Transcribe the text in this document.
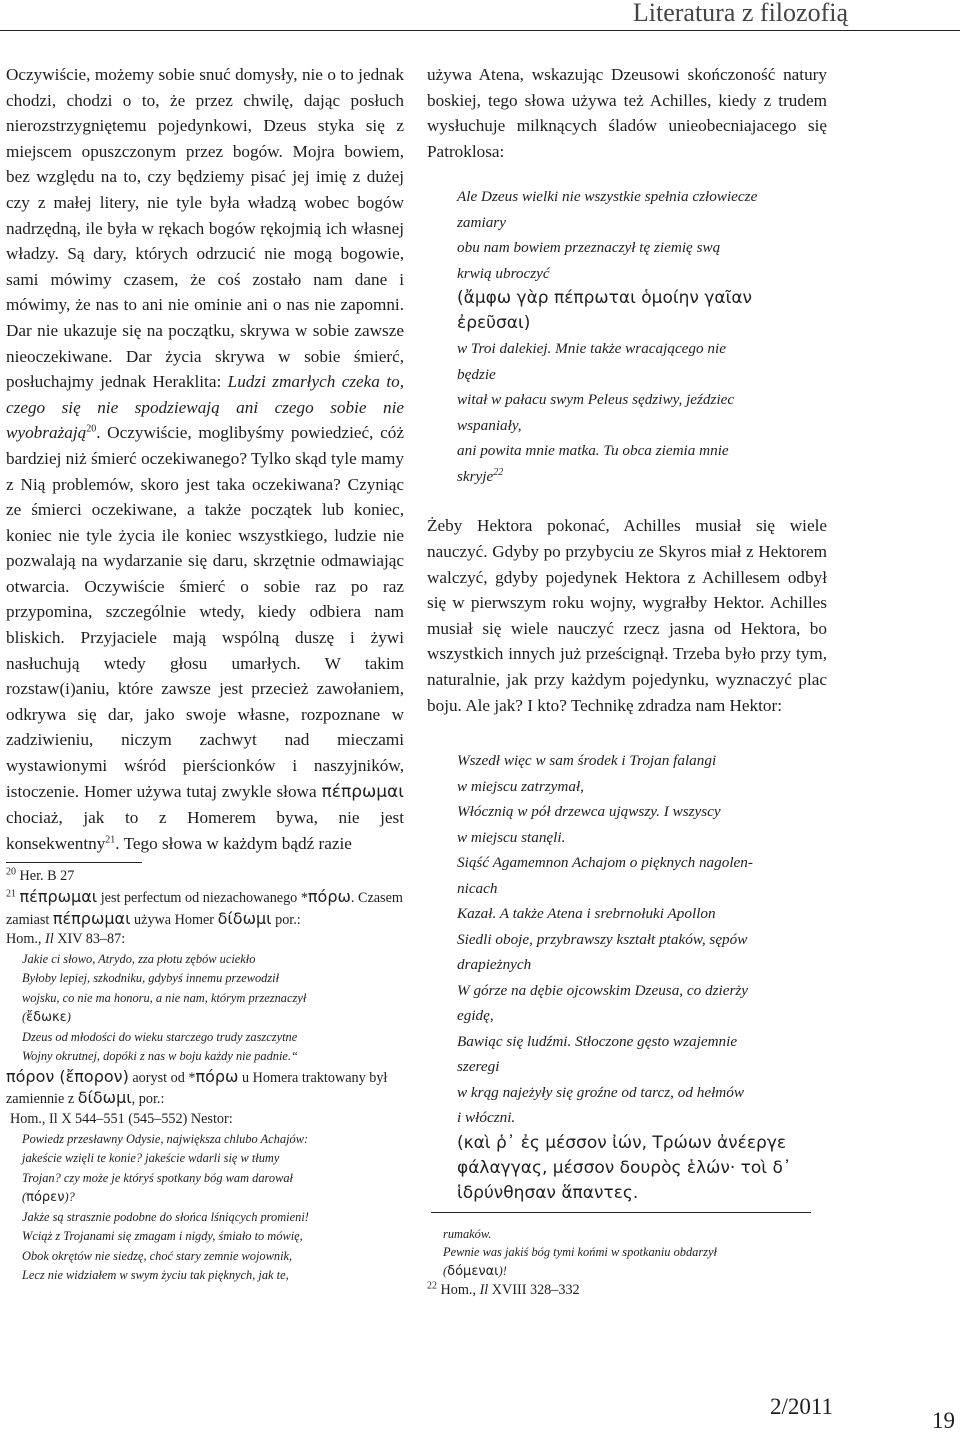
Literatura z filozofią

Oczywiście, możemy sobie snuć domysły, nie o to jednak chodzi, chodzi o to, że przez chwilę, dając posłuch nierozstrzygniętemu pojedynkowi, Dzeus styka się z miejscem opuszczonym przez bogów. Mojra bowiem, bez względu na to, czy będziemy pisać jej imię z dużej czy z małej litery, nie tyle była władzą wobec bogów nadrzędną, ile była w rękach bogów rękojmią ich własnej władzy. Są dary, których odrzucić nie mogą bogowie, sami mówimy czasem, że coś zostało nam dane i mówimy, że nas to ani nie ominie ani o nas nie zapomni. Dar nie ukazuje się na początku, skrywa w sobie zawsze nieoczekiwane. Dar życia skrywa w sobie śmierć, posłuchajmy jednak Heraklita: Ludzi zmarłych czeka to, czego się nie spodziewają ani czego sobie nie wyobrażają$^{20}$. Oczywiście, moglibyśmy powiedzieć, cóż bardziej niż śmierć oczekiwanego? Tylko skąd tyle mamy z Nią problemów, skoro jest taka oczekiwana? Czyniąc ze śmierci oczekiwane, a także początek lub koniec, koniec nie tyle życia ile koniec wszystkiego, ludzie nie pozwalają na wydarzanie się daru, skrzętnie odmawiając otwarcia. Oczywiście śmierć o sobie raz po raz przypomina, szczególnie wtedy, kiedy odbiera nam bliskich. Przyjaciele mają wspólną duszę i żywi nasłuchują wtedy głosu umarłych. W takim rozstaw(i)aniu, które zawsze jest przecież zawołaniem, odkrywa się dar, jako swoje własne, rozpoznane w zadziwieniu, niczym zachwyt nad mieczami wystawionymi wśród pierścionków i naszyjników, istoczenie. Homer używa tutaj zwykle słowa πέπρωμαι chociaż, jak to z Homerem bywa, nie jest konsekwentny$^{21}$. Tego słowa w każdym bądź razie

$^{20}$ Her. B 27
$^{21}$ πέπρωμαι jest perfectum od niezachowanego *πόρω. Czasem zamiast πέπρωμαι używa Homer δίδωμι por.:
Hom., Il XIV 83–87:
Jakie ci słowo, Atrydo, zza płotu zębów uciekło
Byłoby lepiej, szkodniku, gdybyś innemu przewodził
wojsku, co nie ma honoru, a nie nam, którym przeznaczył
(ἔδωκε)
Dzeus od młodości do wieku starczego trudy zaszczytne
Wojny okrutnej, dopóki z nas w boju każdy nie padnie.“
πόρον (ἔπορον) aoryst od *πόρω u Homera traktowany był zamiennie z δίδωμι, por.:
Hom., Il X 544–551 (545–552) Nestor:
Powiedz przesławny Odysie, największa chlubo Achajów:
jakeście wzięli te konie? jakeście wdarli się w tłumy
Trojan? czy może je któryś spotkany bóg wam darował
(πόρεν)?
Jakże są strasznie podobne do słońca lśniących promieni!
Wciąż z Trojanami się zmagam i nigdy, śmiało to mówię,
Obok okrętów nie siedzę, choć stary zemnie wojownik,
Lecz nie widziałem w swym życiu tak pięknych, jak te,

używa Atena, wskazując Dzeusowi skończoność natury boskiej, tego słowa używa też Achilles, kiedy z trudem wysłuchuje milknących śladów unieobecniajacego się Patroklosa:

Ale Dzeus wielki nie wszystkie spełnia człowiecze
zamiary
obu nam bowiem przeznaczył tę ziemię swą
krwią ubroczyć
(ἄμφω γὰρ πέπρωται ὁμοίην γαῖαν ἐρεῦσαι)
w Troi dalekiej. Mnie także wracającego nie
będzie
witał w pałacu swym Peleus sędziwy, jeździec
wspaniały,
ani powita mnie matka. Tu obca ziemia mnie
skryje$^{22}$

Żeby Hektora pokonać, Achilles musiał się wiele nauczyć. Gdyby po przybyciu ze Skyros miał z Hektorem walczyć, gdyby pojedynek Hektora z Achillesem odbył się w pierwszym roku wojny, wygrałby Hektor. Achilles musiał się wiele nauczyć rzecz jasna od Hektora, bo wszystkich innych już prześcignął. Trzeba było przy tym, naturalnie, jak przy każdym pojedynku, wyznaczyć plac boju. Ale jak? I kto? Technikę zdradza nam Hektor:

Wszedł więc w sam środek i Trojan falangi
w miejscu zatrzymał,
Włócznią w pół drzewca ująwszy. I wszyscy
w miejscu stanęli.
Siąść Agamemnon Achajom o pięknych nagolen-
nicach
Kazał. A także Atena i srebrnołuki Apollon
Siedli oboje, przybrawszy kształt ptaków, sępów
drapieżnych
W górze na dębie ojcowskim Dzeusa, co dzierży
egidę,
Bawiąc się ludźmi. Stłoczone gęsto wzajemnie
szeregi
w krąg najeżyły się groźne od tarcz, od hełmów
i włóczni.
(καὶ ῥ᾽ ἐς μέσσον ἰών, Τρώων ἀνέεργε φάλαγγας, μέσσον δουρὸς ἑλών· τοὶ δ᾽ ἱδρύνθησαν ἅπαντες.
rumaków.
Pewnie was jakiś bóg tymi końmi w spotkaniu obdarzył
(δόμεναι)!
$^{22}$ Hom., Il XVIII 328–332
2/2011
19
